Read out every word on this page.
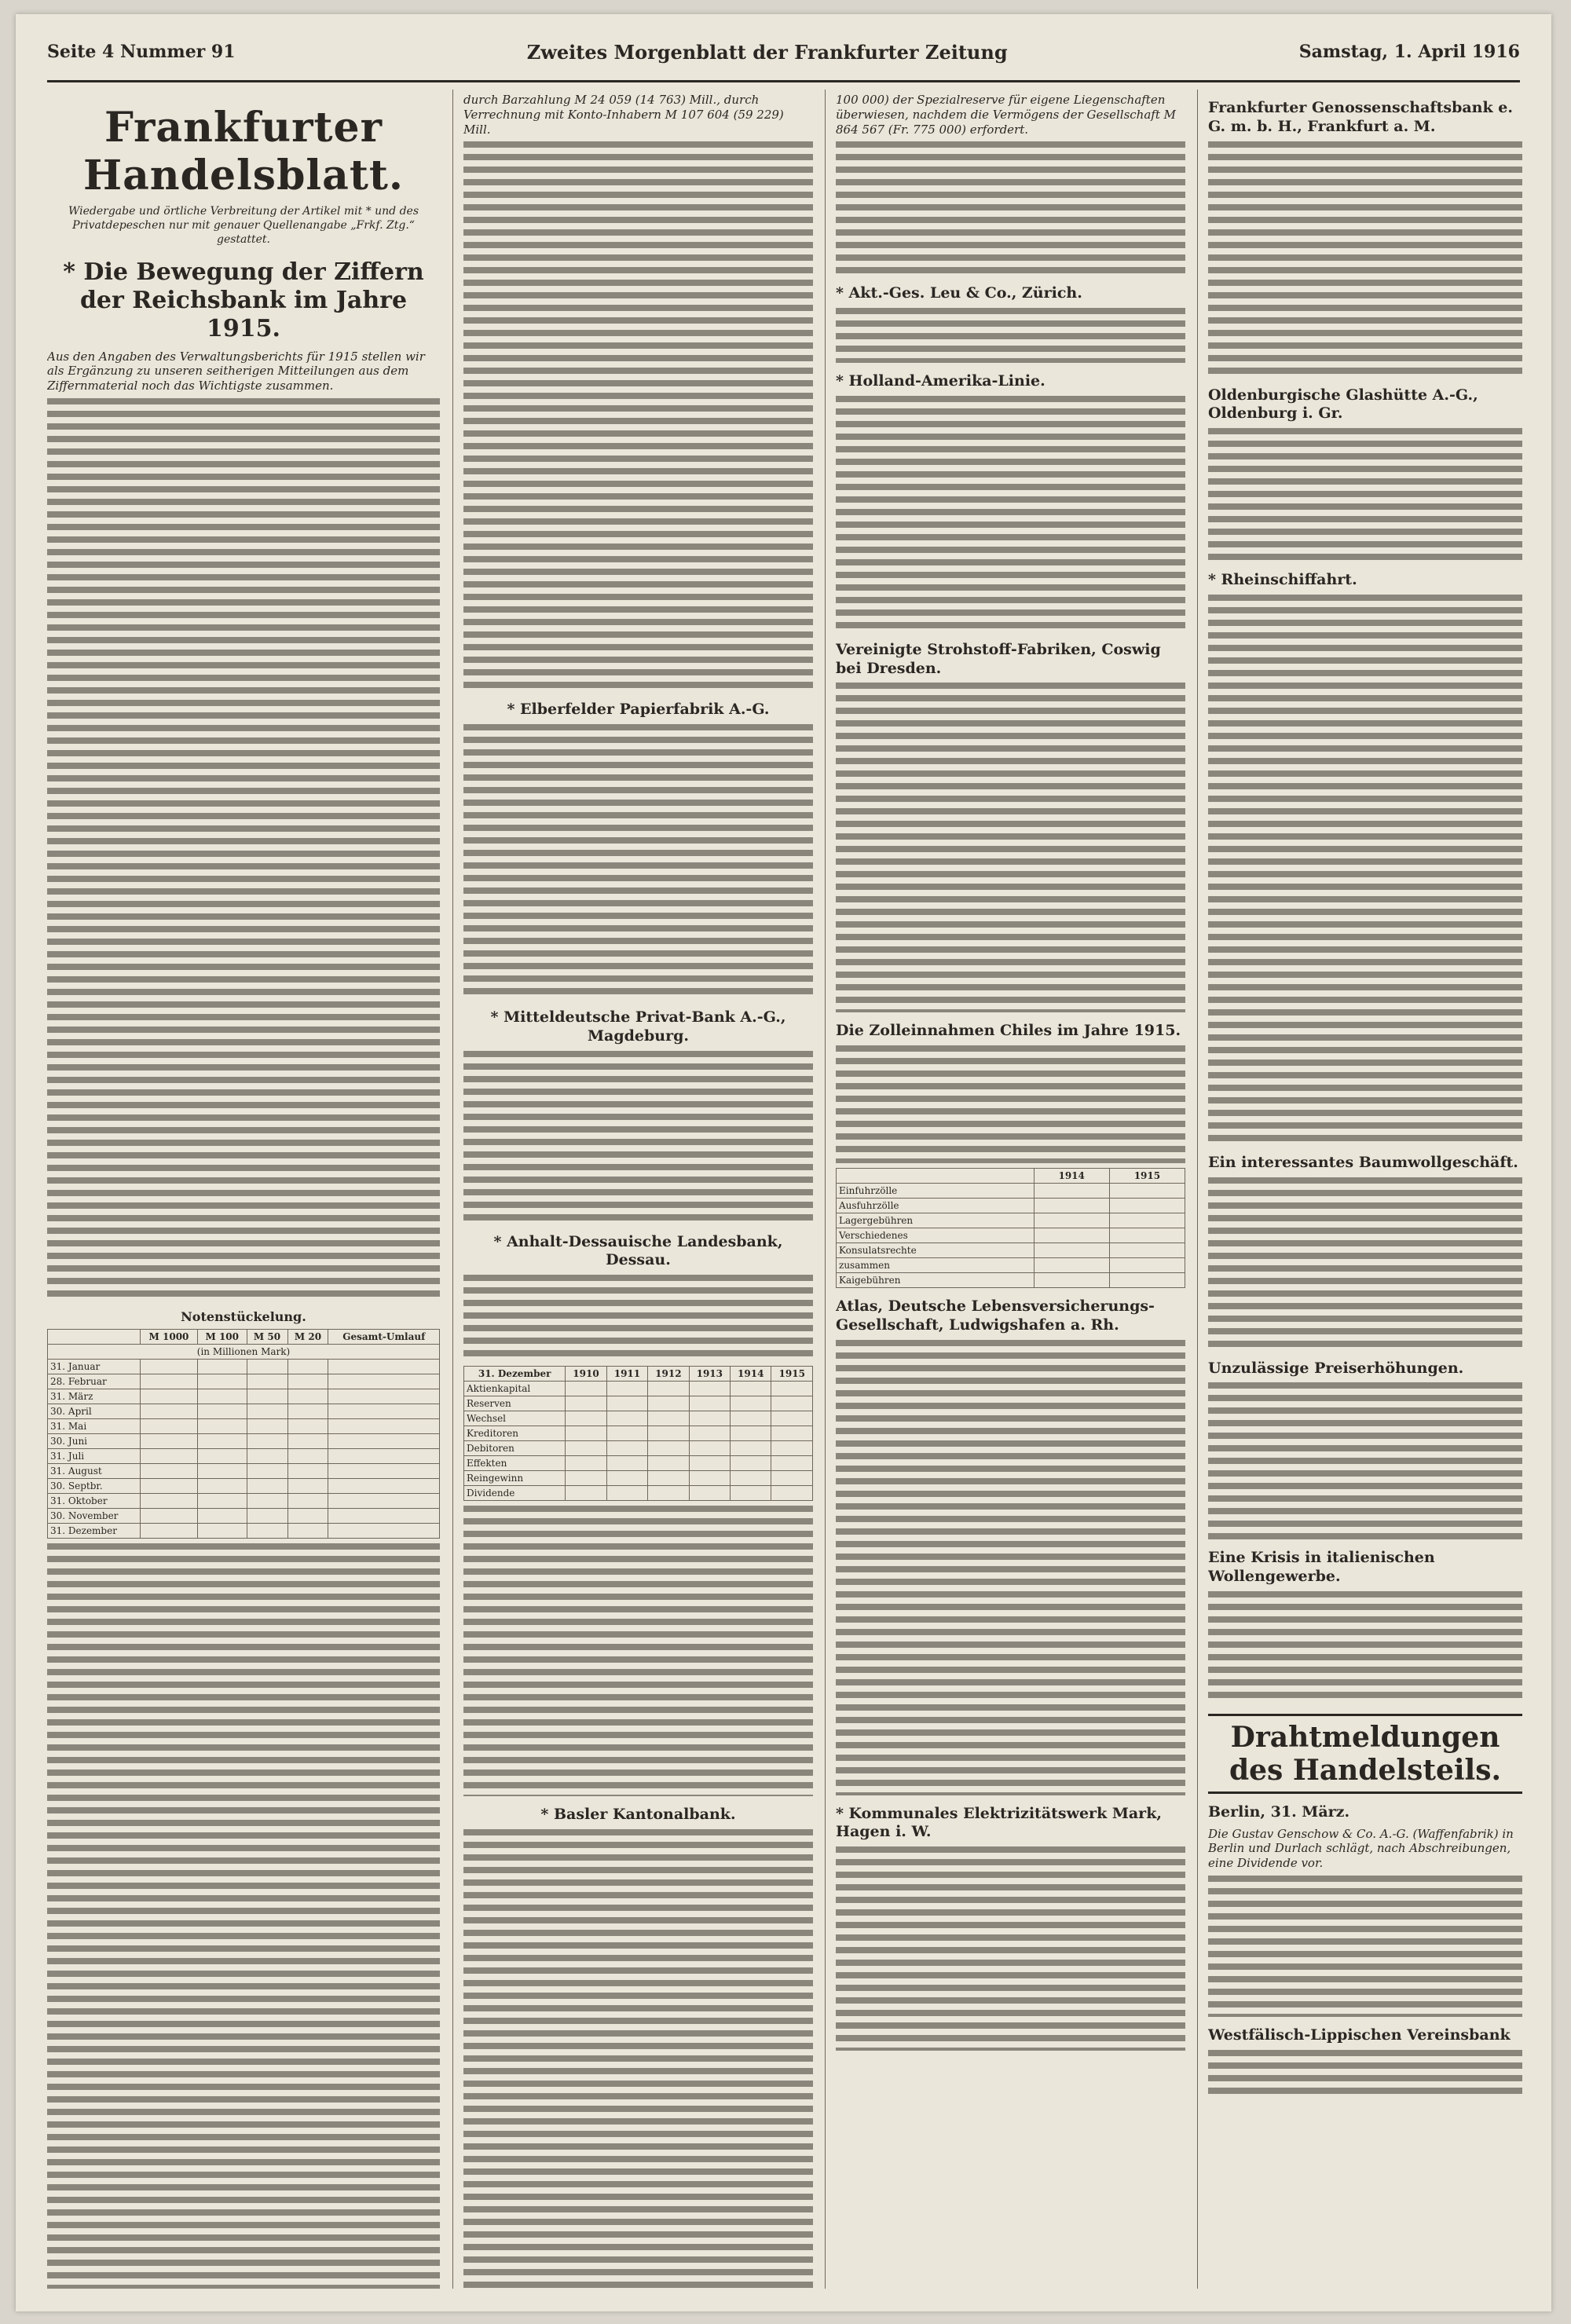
Seite 4 Nummer 91	Zweites Morgenblatt der Frankfurter Zeitung	Samstag, 1. April 1916
Frankfurter Handelsblatt.
Wiedergabe und örtliche Verbreitung der Artikel mit * und des Privatdepeschen nur mit genauer Quellenangabe „Frkf. Ztg.“ gestattet.
* Die Bewegung der Ziffern der Reichsbank im Jahre 1915.

Aus den Angaben des Verwaltungsberichts für 1915 stellen wir als Ergänzung zu unseren seitherigen Mitteilungen aus dem Ziffernmaterial noch das Wichtigste zusammen.

Notenstückelung.
	M 1000	M 100	M 50	M 20	Gesamt-Umlauf
(in Millionen Mark)					
31. Januar					
28. Februar					
31. März					
30. April					
31. Mai					
30. Juni					
31. Juli					
31. August					
30. Septbr.					
31. Oktober					
30. November					
31. Dezember					

durch Barzahlung M 24 059 (14 763) Mill., durch Verrechnung mit Konto-Inhabern M 107 604 (59 229) Mill.

* Elberfelder Papierfabrik A.-G.
* Mitteldeutsche Privat-Bank A.-G., Magdeburg.
* Anhalt-Dessauische Landesbank, Dessau.
31. Dezember	1910	1911	1912	1913	1914	1915
Aktienkapital						
Reserven						
Wechsel						
Kreditoren						
Debitoren						
Effekten						
Reingewinn						
Dividende						
* Basler Kantonalbank.

100 000) der Spezialreserve für eigene Liegenschaften überwiesen, nachdem die Vermögens der Gesellschaft M 864 567 (Fr. 775 000) erfordert.

* Akt.-Ges. Leu & Co., Zürich.
* Holland-Amerika-Linie.
Vereinigte Strohstoff-Fabriken, Coswig bei Dresden.
Die Zolleinnahmen Chiles im Jahre 1915.
	1914	1915
Einfuhrzölle		
Ausfuhrzölle		
Lagergebühren		
Verschiedenes		
Konsulatsrechte		
zusammen		
Kaigebühren		
Atlas, Deutsche Lebensversicherungs-Gesellschaft, Ludwigshafen a. Rh.
* Kommunales Elektrizitätswerk Mark, Hagen i. W.
Frankfurter Genossenschaftsbank e. G. m. b. H., Frankfurt a. M.
Oldenburgische Glashütte A.-G., Oldenburg i. Gr.
* Rheinschiffahrt.
Ein interessantes Baumwollgeschäft.
Unzulässige Preiserhöhungen.
Eine Krisis in italienischen Wollengewerbe.
Drahtmeldungen des Handelsteils.
Berlin, 31. März.

Die Gustav Genschow & Co. A.-G. (Waffenfabrik) in Berlin und Durlach schlägt, nach Abschreibungen, eine Dividende vor.

Westfälisch-Lippischen Vereinsbank
